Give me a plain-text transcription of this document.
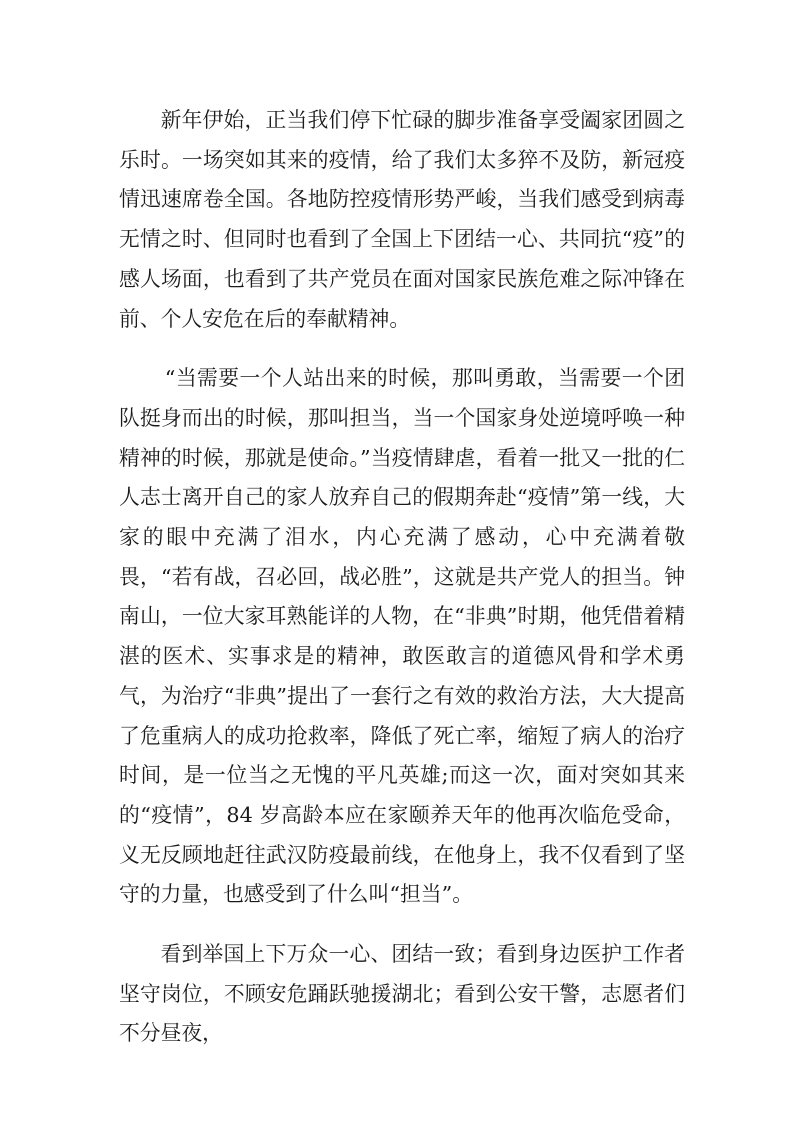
新年伊始，正当我们停下忙碌的脚步准备享受阖家团圆之乐时。一场突如其来的疫情，给了我们太多猝不及防，新冠疫情迅速席卷全国。各地防控疫情形势严峻，当我们感受到病毒无情之时、但同时也看到了全国上下团结一心、共同抗“疫”的感人场面，也看到了共产党员在面对国家民族危难之际冲锋在前、个人安危在后的奉献精神。

“当需要一个人站出来的时候，那叫勇敢，当需要一个团队挺身而出的时候，那叫担当，当一个国家身处逆境呼唤一种精神的时候，那就是使命。”当疫情肆虐，看着一批又一批的仁人志士离开自己的家人放弃自己的假期奔赴“疫情”第一线，大家的眼中充满了泪水，内心充满了感动，心中充满着敬畏，“若有战，召必回，战必胜”，这就是共产党人的担当。钟南山，一位大家耳熟能详的人物，在“非典”时期，他凭借着精湛的医术、实事求是的精神，敢医敢言的道德风骨和学术勇气，为治疗“非典”提出了一套行之有效的救治方法，大大提高了危重病人的成功抢救率，降低了死亡率，缩短了病人的治疗时间，是一位当之无愧的平凡英雄;而这一次，面对突如其来的“疫情”，84 岁高龄本应在家颐养天年的他再次临危受命，义无反顾地赶往武汉防疫最前线，在他身上，我不仅看到了坚守的力量，也感受到了什么叫“担当”。

看到举国上下万众一心、团结一致；看到身边医护工作者坚守岗位，不顾安危踊跃驰援湖北；看到公安干警，志愿者们不分昼夜，
